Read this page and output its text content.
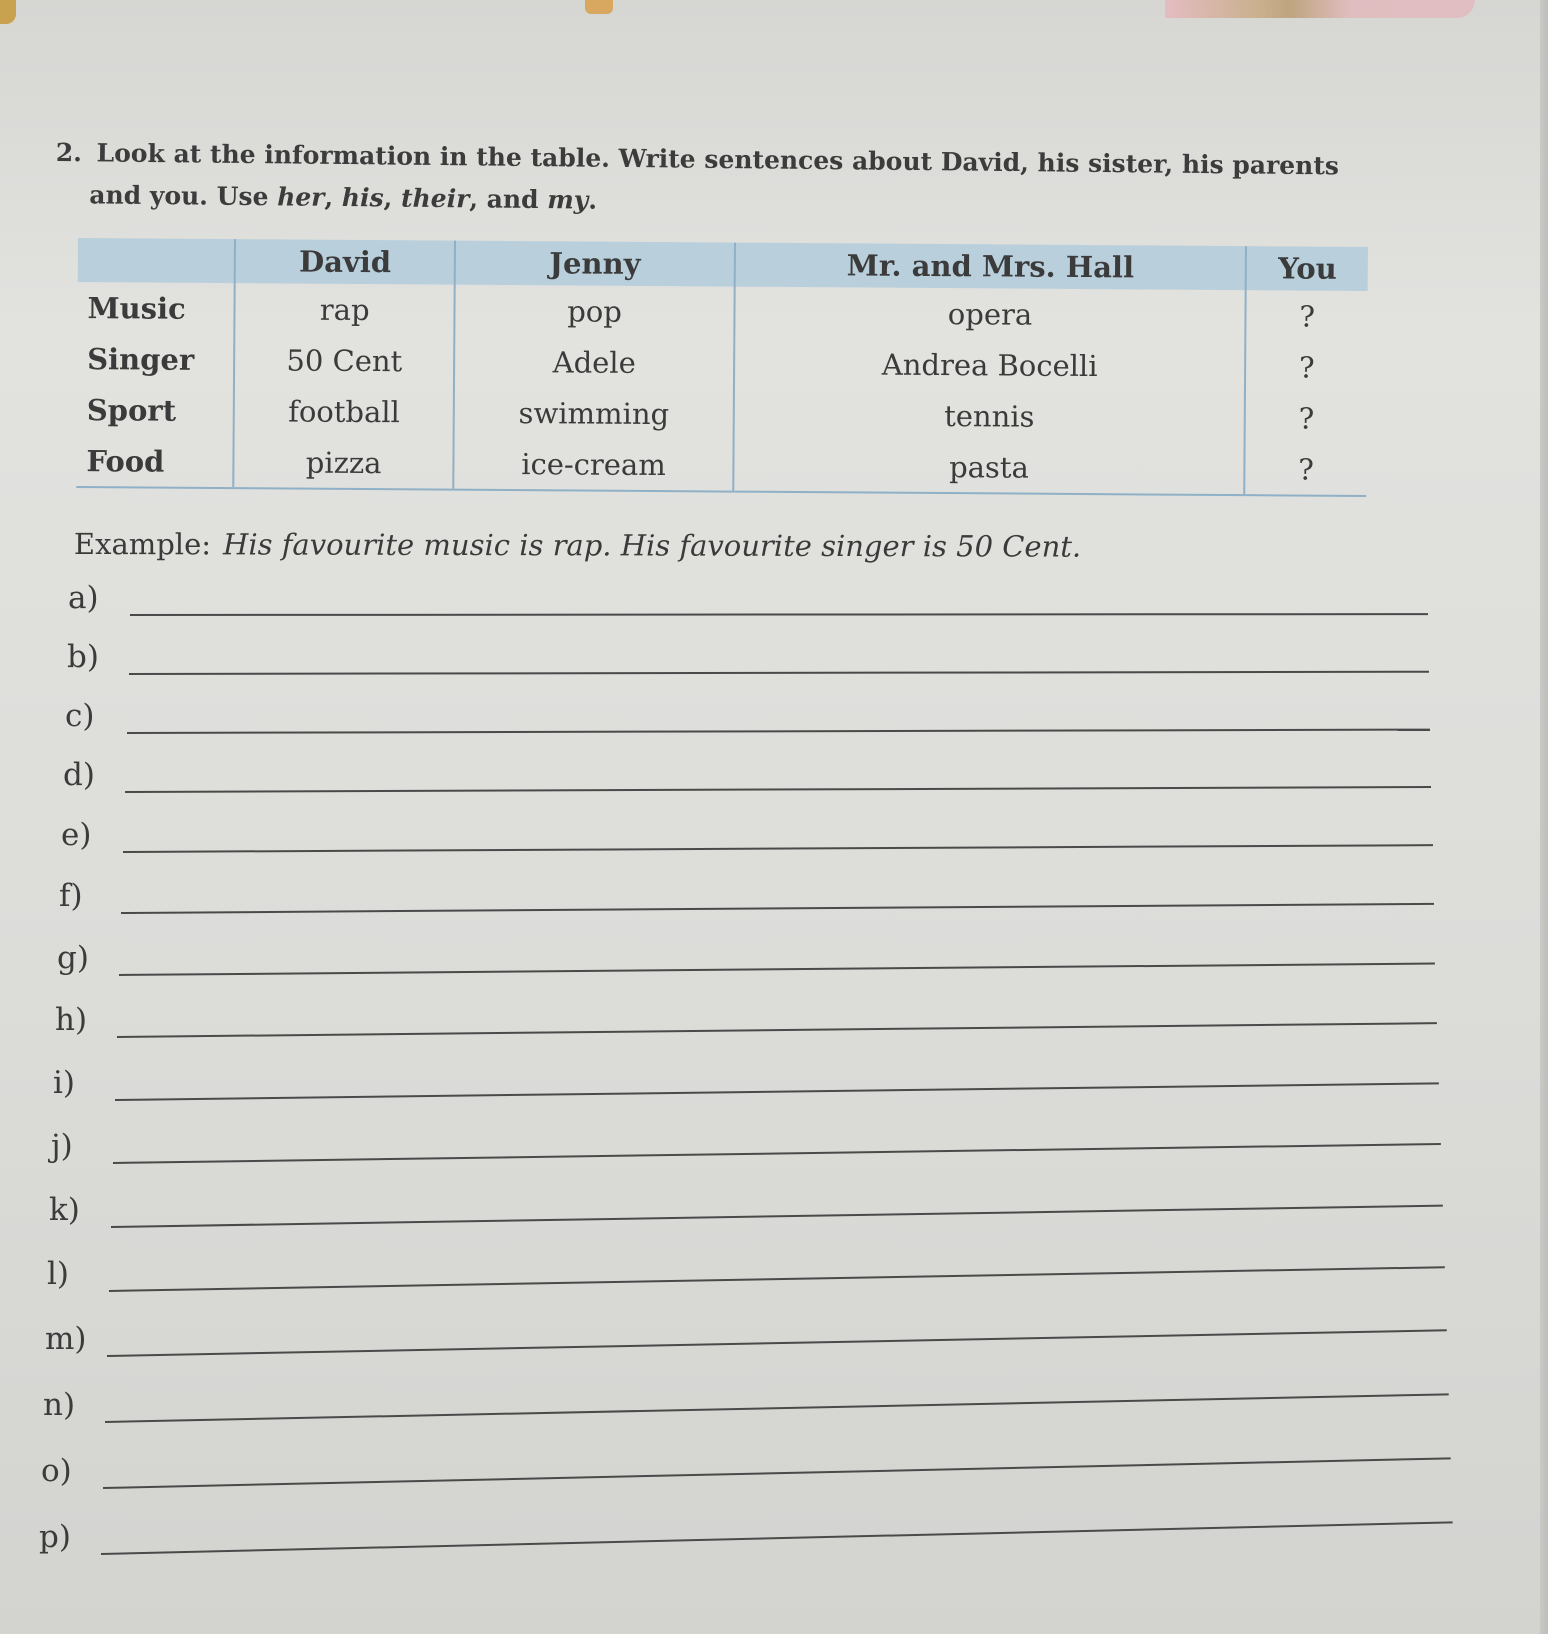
2. Look at the information in the table. Write sentences about David, his sister, his parents
and you. Use her, his, their, and my.
	David	Jenny	Mr. and Mrs. Hall	You
Music	rap	pop	opera	?
Singer	50 Cent	Adele	Andrea Bocelli	?
Sport	football	swimming	tennis	?
Food	pizza	ice-cream	pasta	?
Example: His favourite music is rap. His favourite singer is 50 Cent.
a)
b)
c)
d)
e)
f)
g)
h)
i)
j)
k)
l)
m)
n)
o)
p)
